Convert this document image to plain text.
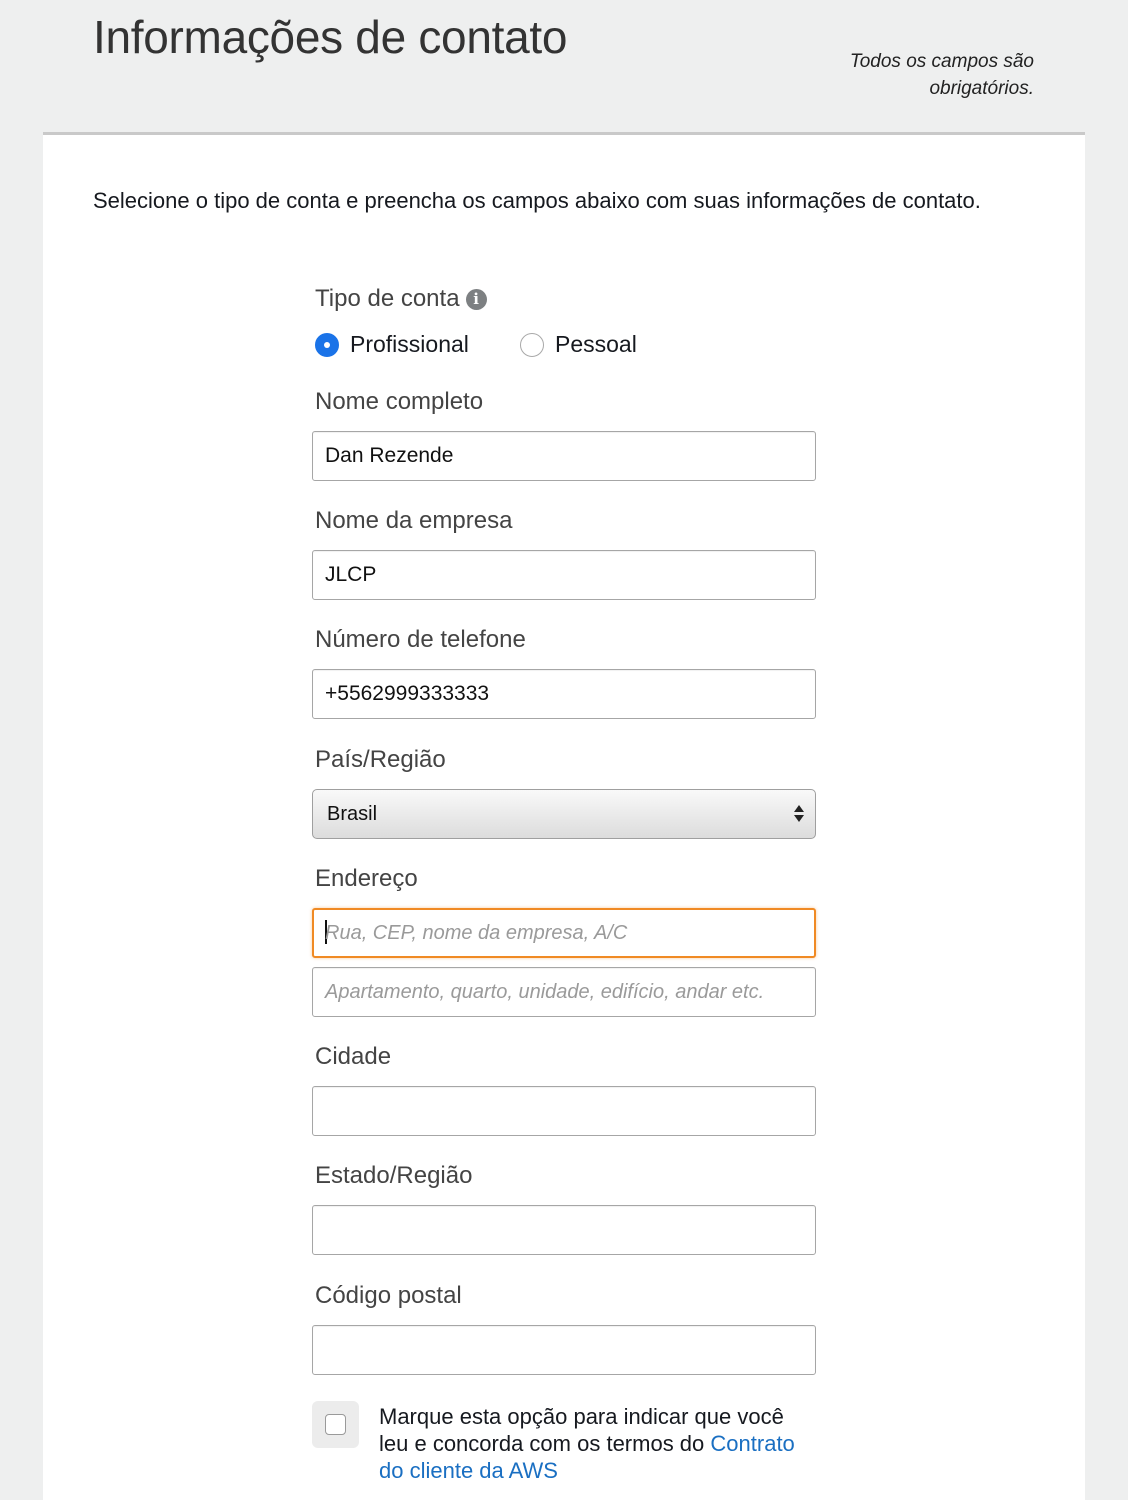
Informações de contato	Todos os campos são obrigatórios.

Selecione o tipo de conta e preencha os campos abaixo com suas informações de contato.

Tipo de conta i
Profissional	Pessoal
Nome completo
Dan Rezende
Nome da empresa
JLCP
Número de telefone
+5562999333333
País/Região
Brasil
Endereço
Rua, CEP, nome da empresa, A/C
Apartamento, quarto, unidade, edifício, andar etc.
Cidade
Estado/Região
Código postal

Marque esta opção para indicar que você leu e concorda com os termos do Contrato do cliente da AWS
